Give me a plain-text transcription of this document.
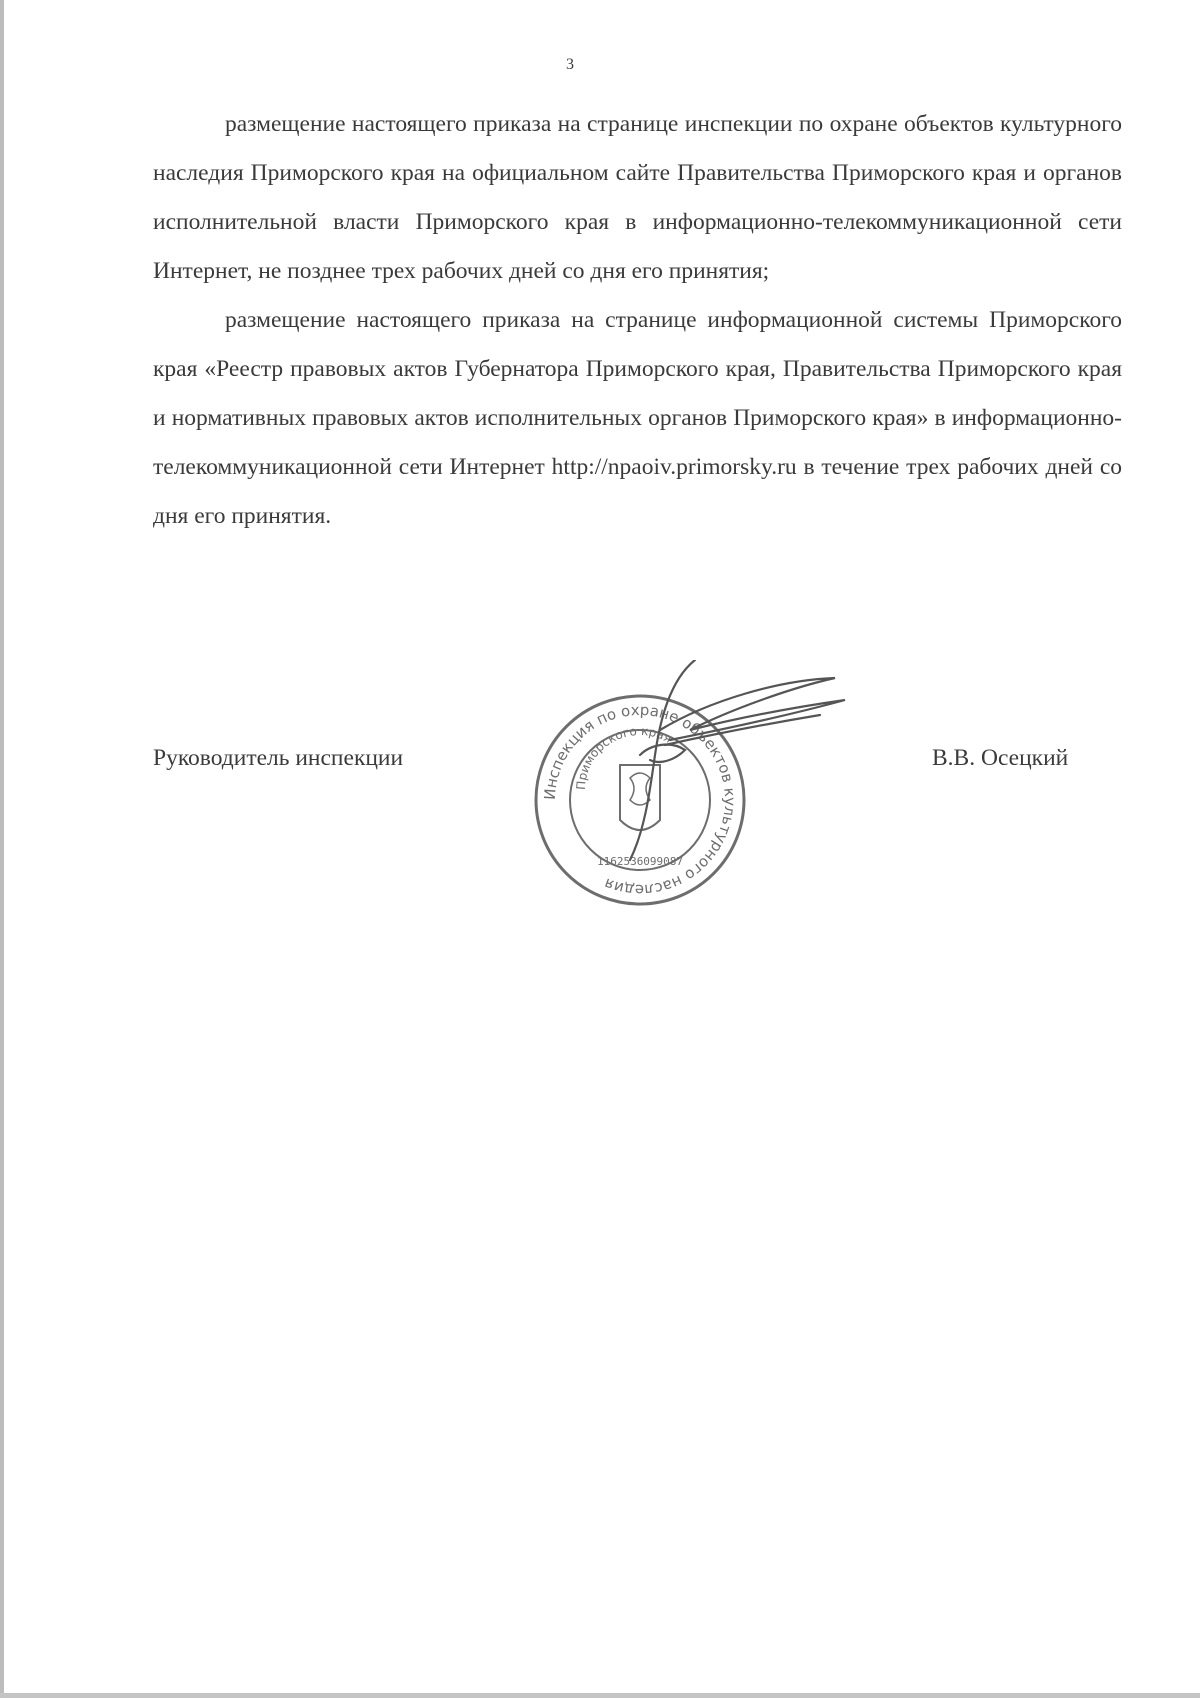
3

размещение настоящего приказа на странице инспекции по охране объектов культурного наследия Приморского края на официальном сайте Правительства Приморского края и органов исполнительной власти Приморского края в информационно-телекоммуникационной сети Интернет, не позднее трех рабочих дней со дня его принятия;

размещение настоящего приказа на странице информационной системы Приморского края «Реестр правовых актов Губернатора Приморского края, Правительства Приморского края и нормативных правовых актов исполнительных органов Приморского края» в информационно-телекоммуникационной сети Интернет http://npaoiv.primorsky.ru в течение трех рабочих дней со дня его принятия.

Руководитель инспекции	В.В. Осецкий
Инспекция по охране объектов культурного наследия
Приморского края
1162536099087
